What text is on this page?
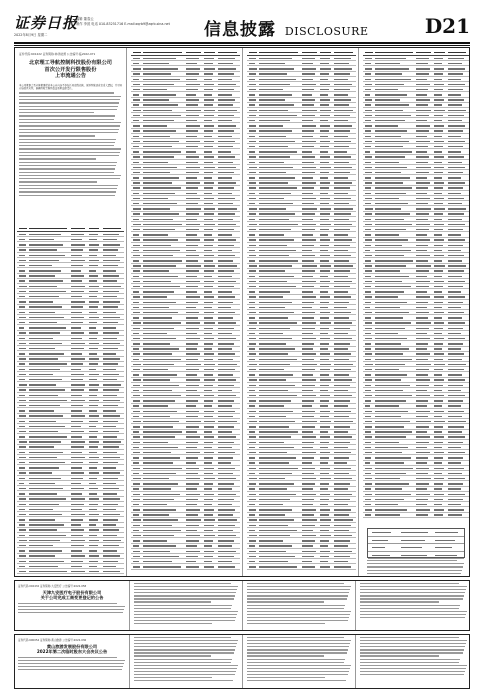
证券日报
2022年8月9日 星期二
编辑 董春云
制作 李波 电话 010-83251716 E-mail:zqrb9@zqrb.sina.net 信息披露 DISCLOSURE	D21
证券代码:601222 证券简称:林洋能源 公告编号:临2022-071
北京理工导航控制科技股份有限公司
首次公开发行限售股份
上市流通公告
本公司董事会及全体董事保证本公告内容不存在任何虚假记载、误导性陈述或者重大遗漏，并对其内容的真实性、准确性和完整性依法承担法律责任。
证券代码:002432 证券简称:九安医疗 公告编号:2022-058
天津九安医疗电子股份有限公司
关于公司完成工商变更登记的公告
证券代码:600054 证券简称:黄山旅游 公告编号:2022-036
黄山旅游发展股份有限公司
2022年第二次临时股东大会决议公告
